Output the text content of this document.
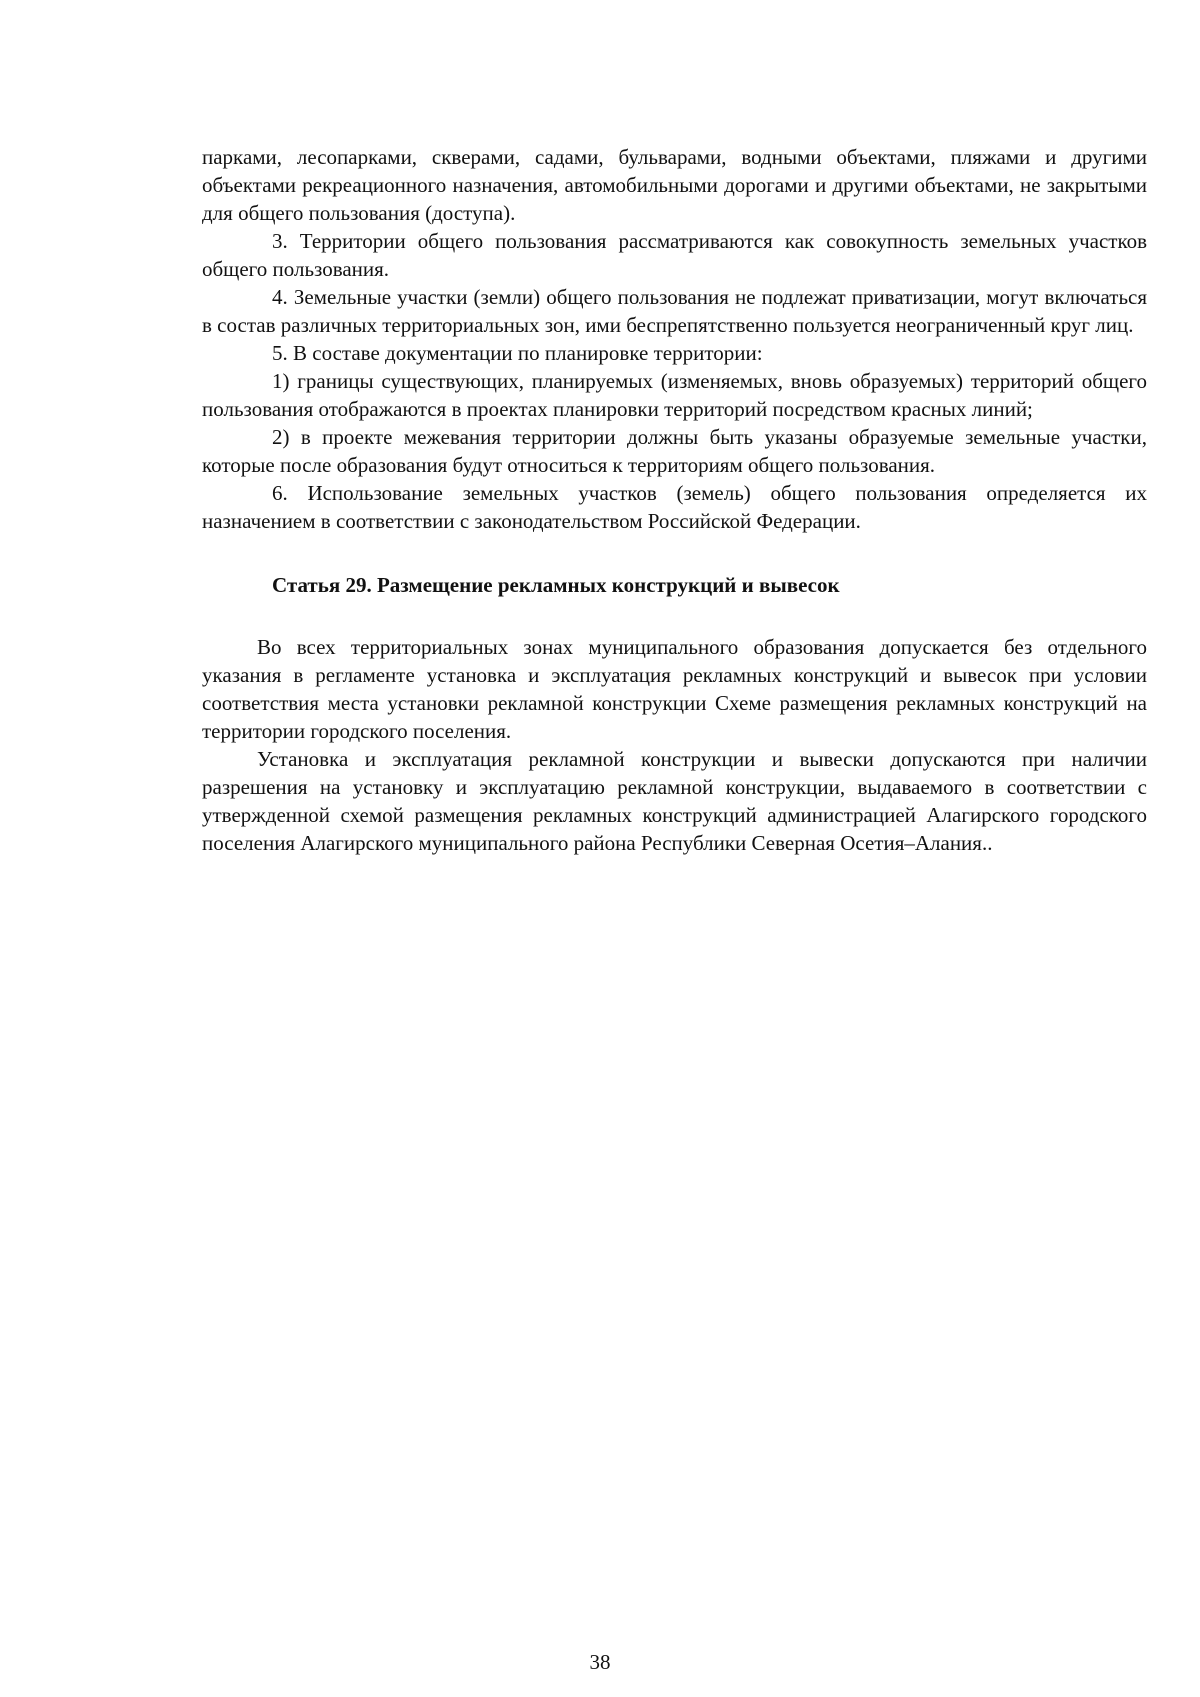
парками, лесопарками, скверами, садами, бульварами, водными объектами, пляжами и другими объектами рекреационного назначения, автомобильными дорогами и другими объектами, не закрытыми для общего пользования (доступа).

3. Территории общего пользования рассматриваются как совокупность земельных участков общего пользования.

4. Земельные участки (земли) общего пользования не подлежат приватизации, могут включаться в состав различных территориальных зон, ими беспрепятственно пользуется неограниченный круг лиц.

5. В составе документации по планировке территории:

1) границы существующих, планируемых (изменяемых, вновь образуемых) территорий общего пользования отображаются в проектах планировки территорий посредством красных линий;

2) в проекте межевания территории должны быть указаны образуемые земельные участки, которые после образования будут относиться к территориям общего пользования.

6. Использование земельных участков (земель) общего пользования определяется их назначением в соответствии с законодательством Российской Федерации.

Статья 29. Размещение рекламных конструкций и вывесок

Во всех территориальных зонах муниципального образования допускается без отдельного указания в регламенте установка и эксплуатация рекламных конструкций и вывесок при условии соответствия места установки рекламной конструкции Схеме размещения рекламных конструкций на территории городского поселения.

Установка и эксплуатация рекламной конструкции и вывески допускаются при наличии разрешения на установку и эксплуатацию рекламной конструкции, выдаваемого в соответствии с утвержденной схемой размещения рекламных конструкций администрацией Алагирского городского поселения Алагирского муниципального района Республики Северная Осетия–Алания..

38
